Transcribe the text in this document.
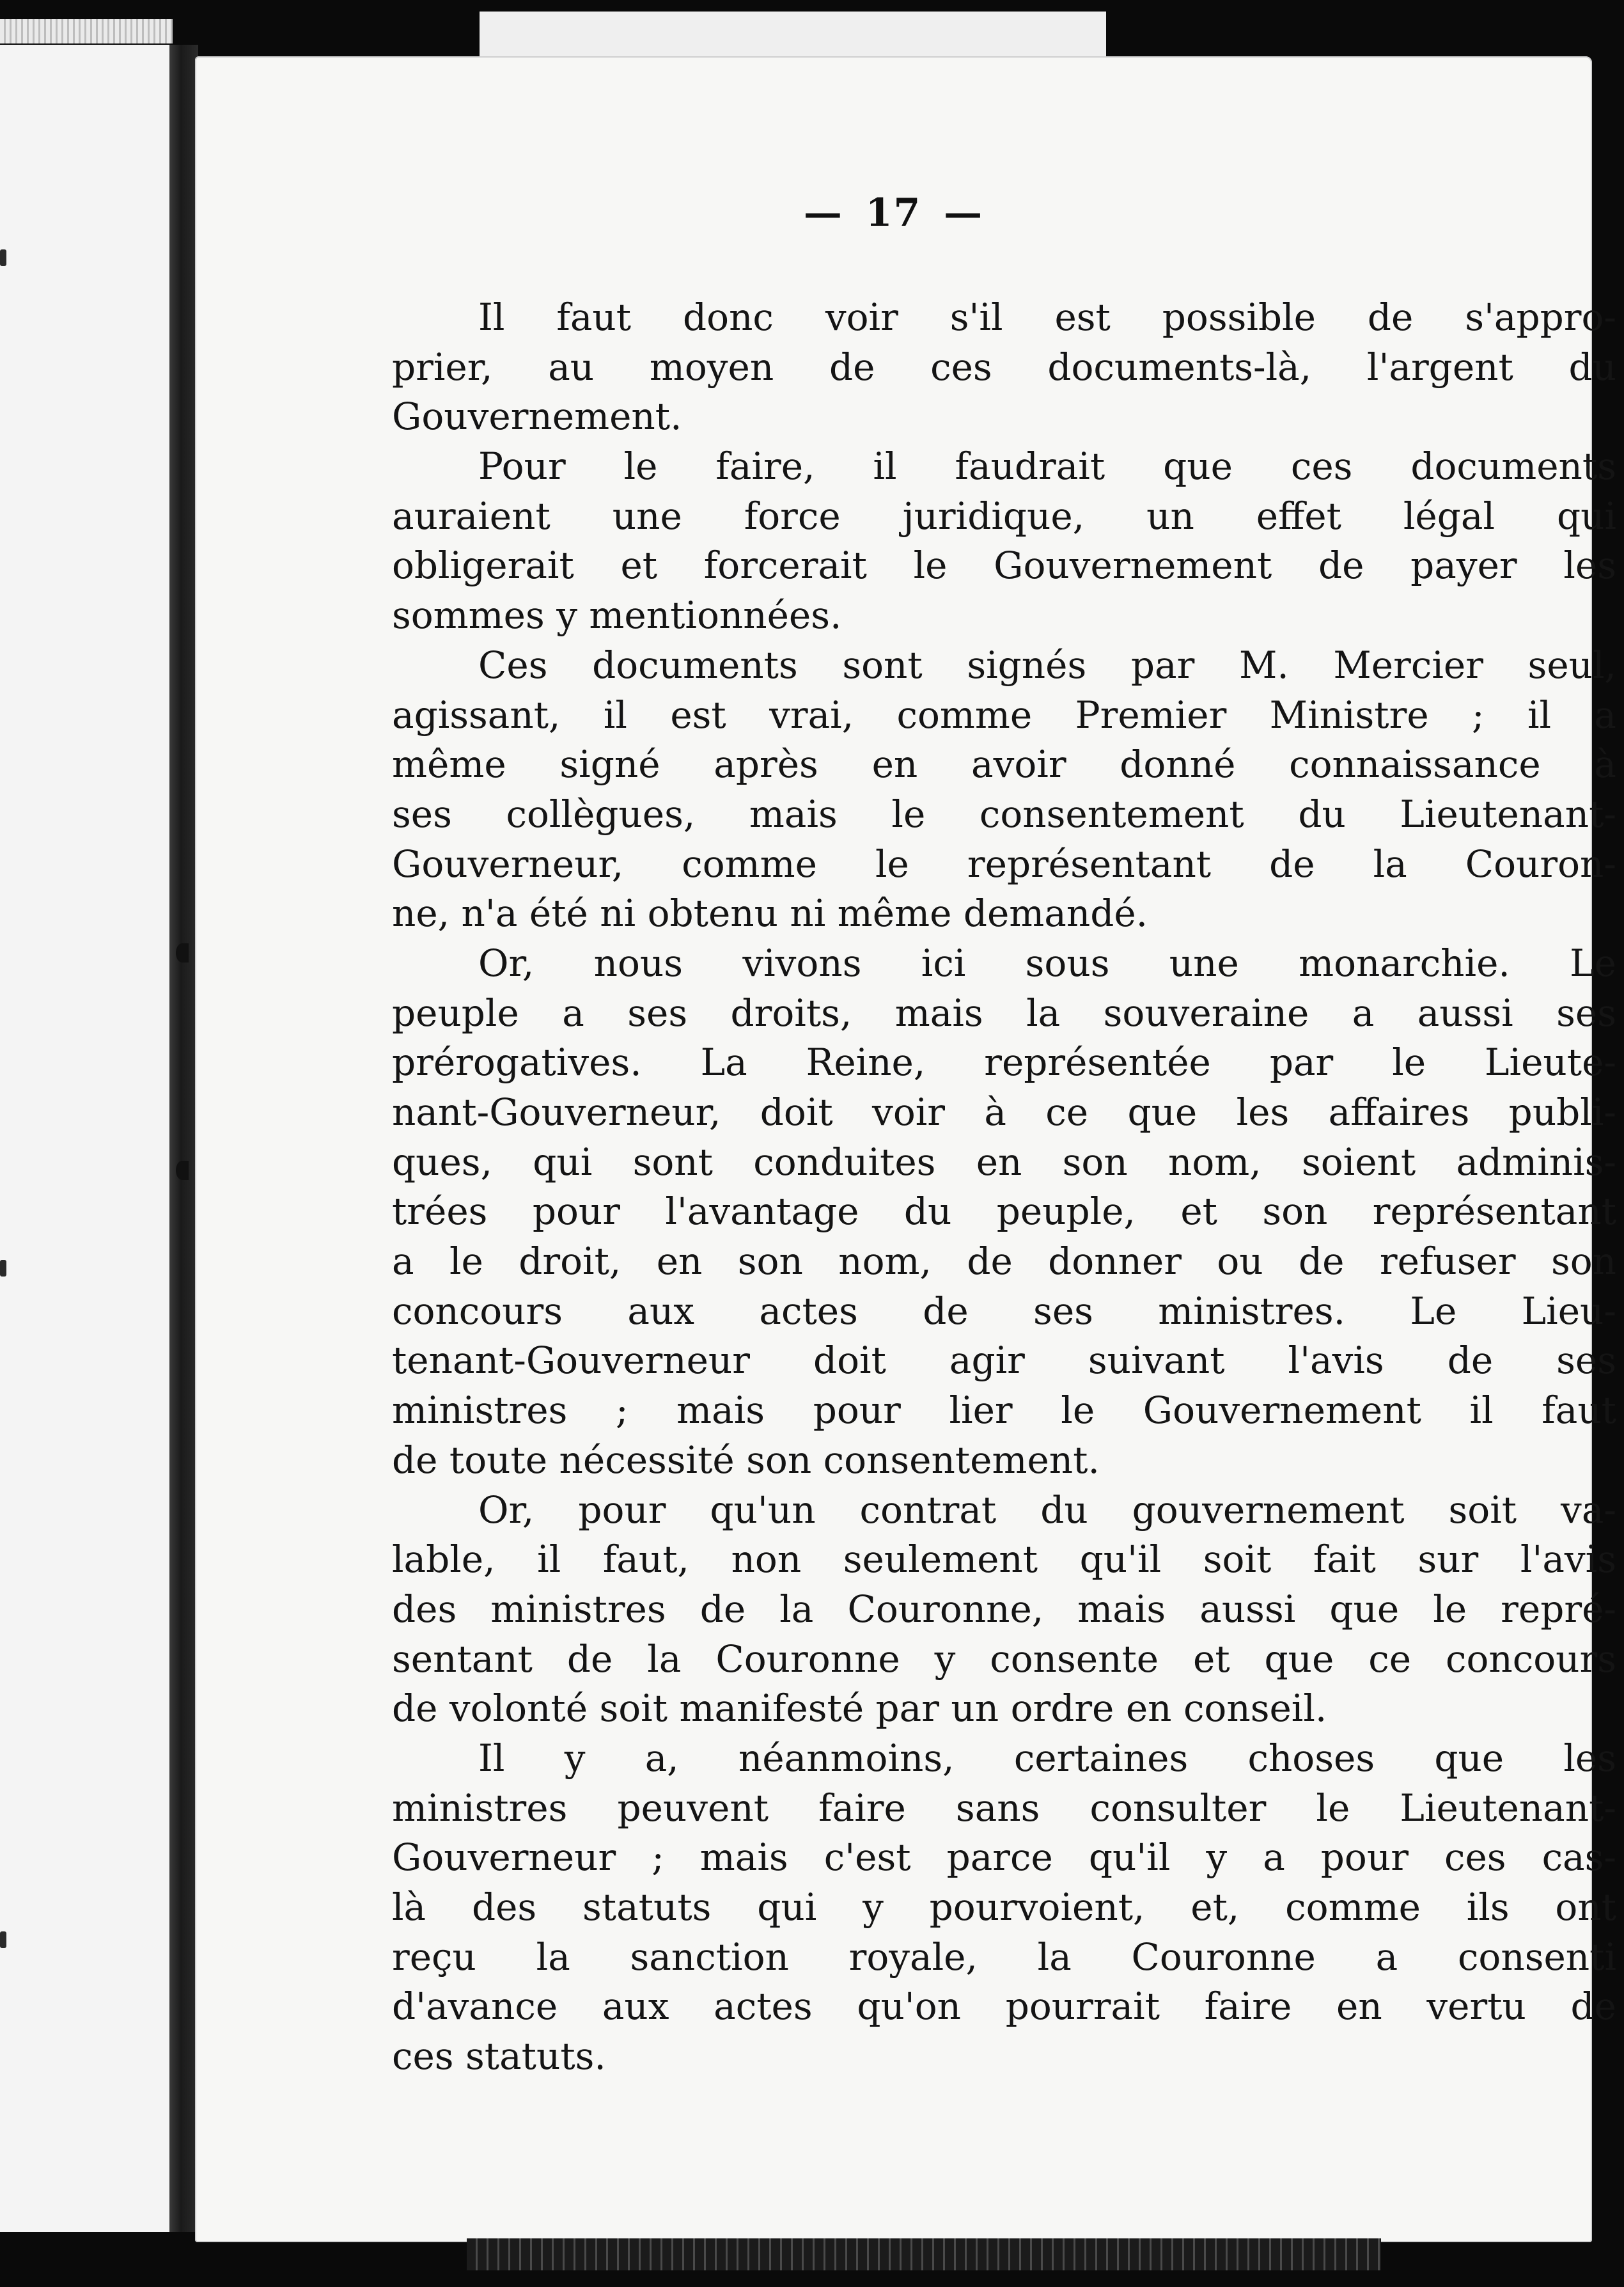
— 17 —

Il faut donc voir s'il est possible de s'appro-
prier, au moyen de ces documents-là, l'argent du
Gouvernement.

Pour le faire, il faudrait que ces documents
auraient une force juridique, un effet légal qui
obligerait et forcerait le Gouvernement de payer les
sommes y mentionnées.

Ces documents sont signés par M. Mercier seul,
agissant, il est vrai, comme Premier Ministre ; il a
même signé après en avoir donné connaissance à
ses collègues, mais le consentement du Lieutenant-
Gouverneur, comme le représentant de la Couron-
ne, n'a été ni obtenu ni même demandé.

Or, nous vivons ici sous une monarchie. Le
peuple a ses droits, mais la souveraine a aussi ses
prérogatives. La Reine, représentée par le Lieute-
nant-Gouverneur, doit voir à ce que les affaires publi-
ques, qui sont conduites en son nom, soient adminis-
trées pour l'avantage du peuple, et son représentant
a le droit, en son nom, de donner ou de refuser son
concours aux actes de ses ministres. Le Lieu-
tenant-Gouverneur doit agir suivant l'avis de ses
ministres ; mais pour lier le Gouvernement il faut
de toute nécessité son consentement.

Or, pour qu'un contrat du gouvernement soit va-
lable, il faut, non seulement qu'il soit fait sur l'avis
des ministres de la Couronne, mais aussi que le repré-
sentant de la Couronne y consente et que ce concours
de volonté soit manifesté par un ordre en conseil.

Il y a, néanmoins, certaines choses que les
ministres peuvent faire sans consulter le Lieutenant-
Gouverneur ; mais c'est parce qu'il y a pour ces cas-
là des statuts qui y pourvoient, et, comme ils ont
reçu la sanction royale, la Couronne a consenti
d'avance aux actes qu'on pourrait faire en vertu de
ces statuts.
